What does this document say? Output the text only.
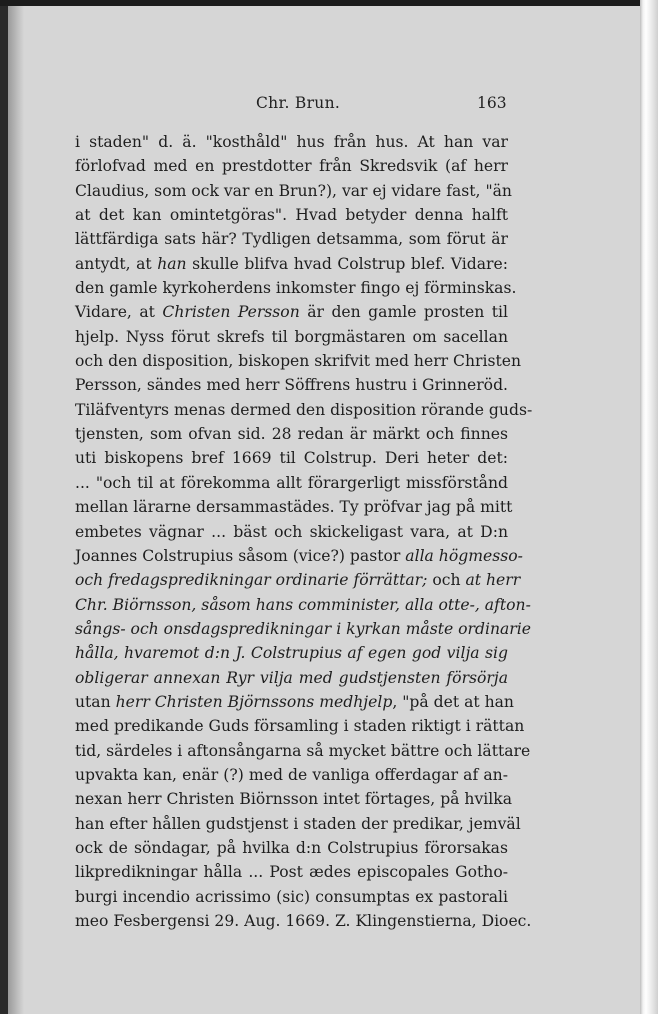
Chr. Brun.	163
i staden" d. ä. "kosthåld" hus från hus. At han var
förlofvad med en prestdotter från Skredsvik (af herr
Claudius, som ock var en Brun?), var ej vidare fast, "än
at det kan omintetgöras". Hvad betyder denna halft
lättfärdiga sats här? Tydligen detsamma, som förut är
antydt, at han skulle blifva hvad Colstrup blef. Vidare:
den gamle kyrkoherdens inkomster fingo ej förminskas.
Vidare, at Christen Persson är den gamle prosten til
hjelp. Nyss förut skrefs til borgmästaren om sacellan
och den disposition, biskopen skrifvit med herr Christen
Persson, sändes med herr Söffrens hustru i Grinneröd.
Tiläfventyrs menas dermed den disposition rörande guds-
tjensten, som ofvan sid. 28 redan är märkt och finnes
uti biskopens bref 1669 til Colstrup. Deri heter det:
... "och til at förekomma allt förargerligt missförstånd
mellan lärarne dersammastädes. Ty pröfvar jag på mitt
embetes vägnar ... bäst och skickeligast vara, at D:n
Joannes Colstrupius såsom (vice?) pastor alla högmesso-
och fredagspredikningar ordinarie förrättar; och at herr
Chr. Biörnsson, såsom hans comminister, alla otte-, afton-
sångs- och onsdagspredikningar i kyrkan måste ordinarie
hålla, hvaremot d:n J. Colstrupius af egen god vilja sig
obligerar annexan Ryr vilja med gudstjensten försörja
utan herr Christen Björnssons medhjelp, "på det at han
med predikande Guds församling i staden riktigt i rättan
tid, särdeles i aftonsångarna så mycket bättre och lättare
upvakta kan, enär (?) med de vanliga offerdagar af an-
nexan herr Christen Biörnsson intet förtages, på hvilka
han efter hållen gudstjenst i staden der predikar, jemväl
ock de söndagar, på hvilka d:n Colstrupius förorsakas
likpredikningar hålla ... Post ædes episcopales Gotho-
burgi incendio acrissimo (sic) consumptas ex pastorali
meo Fesbergensi 29. Aug. 1669. Z. Klingenstierna, Dioec.
